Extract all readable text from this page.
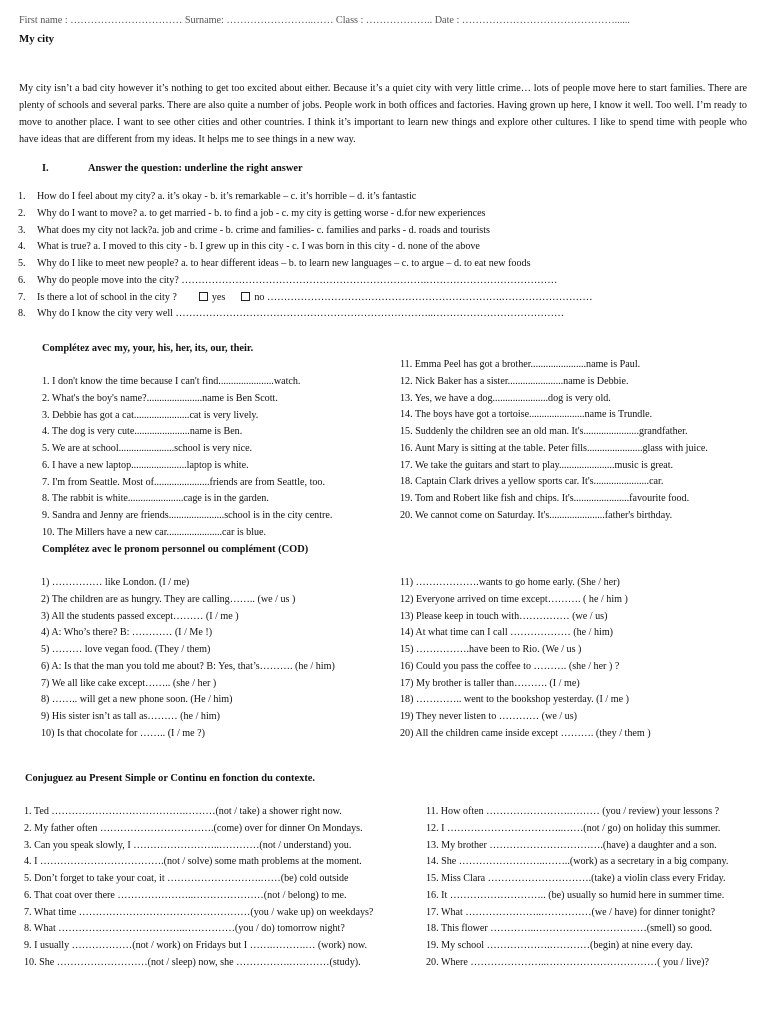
First name : …………………………… Surname: ……………………..…… Class : ……………….. Date : ………………………………………......
My city
My city isn’t a bad city however it’s nothing to get too excited about either. Because it’s a quiet city with very little crime… lots of people move here to start families. There are plenty of schools and several parks. There are also quite a number of jobs. People work in both offices and factories. Having grown up here, I know it well. Too well. I’m ready to move to another place. I want to see other cities and other countries. I think it’s important to learn new things and explore other cultures. I like to spend time with people who have ideas that are different from my ideas. It helps me to see things in a new way.
I.	Answer the question: underline the right answer
1. How do I feel about my city? a. it’s okay - b. it’s remarkable – c. it’s horrible – d. it’s fantastic
2. Why do I want to move? a. to get married - b. to find a job - c. my city is getting worse - d.for new experiences
3. What does my city not lack?a. job and crime - b. crime and families- c. families and parks - d. roads and tourists
4. What is true? a. I moved to this city - b. I grew up in this city - c. I was born in this city - d. none of the above
5. Why do I like to meet new people? a. to hear different ideas – b. to learn new languages – c. to argue – d. to eat new foods
6. Why do people move into the city? ……………………………………………………………….…………………………………
7. Is there a lot of school in the city ?	yes	no …………………………………………………………….………………………
8. Why do I know the city very well …………………………………………………………………..…………………………………
Complétez avec my, your, his, her, its, our, their.
1. I don't know the time because I can't find......................watch.
2. What's the boy's name?......................name is Ben Scott.
3. Debbie has got a cat......................cat is very lively.
4. The dog is very cute......................name is Ben.
5. We are at school......................school is very nice.
6. I have a new laptop......................laptop is white.
7. I'm from Seattle. Most of......................friends are from Seattle, too.
8. The rabbit is white......................cage is in the garden.
9. Sandra and Jenny are friends......................school is in the city centre.
10. The Millers have a new car......................car is blue.
11. Emma Peel has got a brother......................name is Paul.
12. Nick Baker has a sister......................name is Debbie.
13. Yes, we have a dog......................dog is very old.
14. The boys have got a tortoise......................name is Trundle.
15. Suddenly the children see an old man. It's......................grandfather.
16. Aunt Mary is sitting at the table. Peter fills......................glass with juice.
17. We take the guitars and start to play......................music is great.
18. Captain Clark drives a yellow sports car. It's......................car.
19. Tom and Robert like fish and chips. It's......................favourite food.
20. We cannot come on Saturday. It's......................father's birthday.
Complétez avec le pronom personnel ou complément (COD)
1) …………… like London. (I / me)
2) The children are as hungry. They are calling…….. (we / us )
3) All the students passed except……… (I / me )
4) A: Who’s there? B: ………… (I / Me !)
5) ……… love vegan food. (They / them)
6) A: Is that the man you told me about? B: Yes, that’s………. (he / him)
7) We all like cake except…….. (she / her )
8) …….. will get a new phone soon. (He / him)
9) His sister isn’t as tall as……… (he / him)
10) Is that chocolate for …….. (I / me ?)
11) ……………….wants to go home early. (She / her)
12) Everyone arrived on time except………. ( he / him )
13) Please keep in touch with…………… (we / us)
14) At what time can I call ……………… (he / him)
15) …………….have been to Rio. (We / us )
16) Could you pass the coffee to ………. (she / her ) ?
17) My brother is taller than………. (I / me)
18) ………….. went to the bookshop yesterday. (I / me )
19) They never listen to ………… (we / us)
20) All the children came inside except ………. (they / them )
Conjuguez au Present Simple or Continu en fonction du contexte.
1. Ted ………………………………….………(not / take) a shower right now.
2. My father often …………………………….(come) over for dinner On Mondays.
3. Can you speak slowly, I ……………………..…………(not / understand) you.
4. I ……………………………….(not / solve) some math problems at the moment.
5. Don’t forget to take your coat, it ……………………….……(be) cold outside
6. That coat over there …………………..…………………(not / belong) to me.
7. What time ……………………………………………(you / wake up) on weekdays?
8. What ………………………………..……………(you / do) tomorrow night?
9. I usually ………………(not / work) on Fridays but I …….……….… (work) now.
10. She ………………………(not / sleep) now, she …………….…………(study).
11. How often …………………….……… (you / review) your lessons ?
12. I ……………………………..……(not / go) on holiday this summer.
13. My brother …………………………….(have) a daughter and a son.
14. She ……………………..……..(work) as a secretary in a big company.
15. Miss Clara ………………………….(take) a violin class every Friday.
16. It ……………………….. (be) usually so humid here in summer time.
17. What …………………..……………(we / have) for dinner tonight?
18. This flower …………..……………………………(smell) so good.
19. My school ……………….…………(begin) at nine every day.
20. Where …………………..……………………………( you / live)?
